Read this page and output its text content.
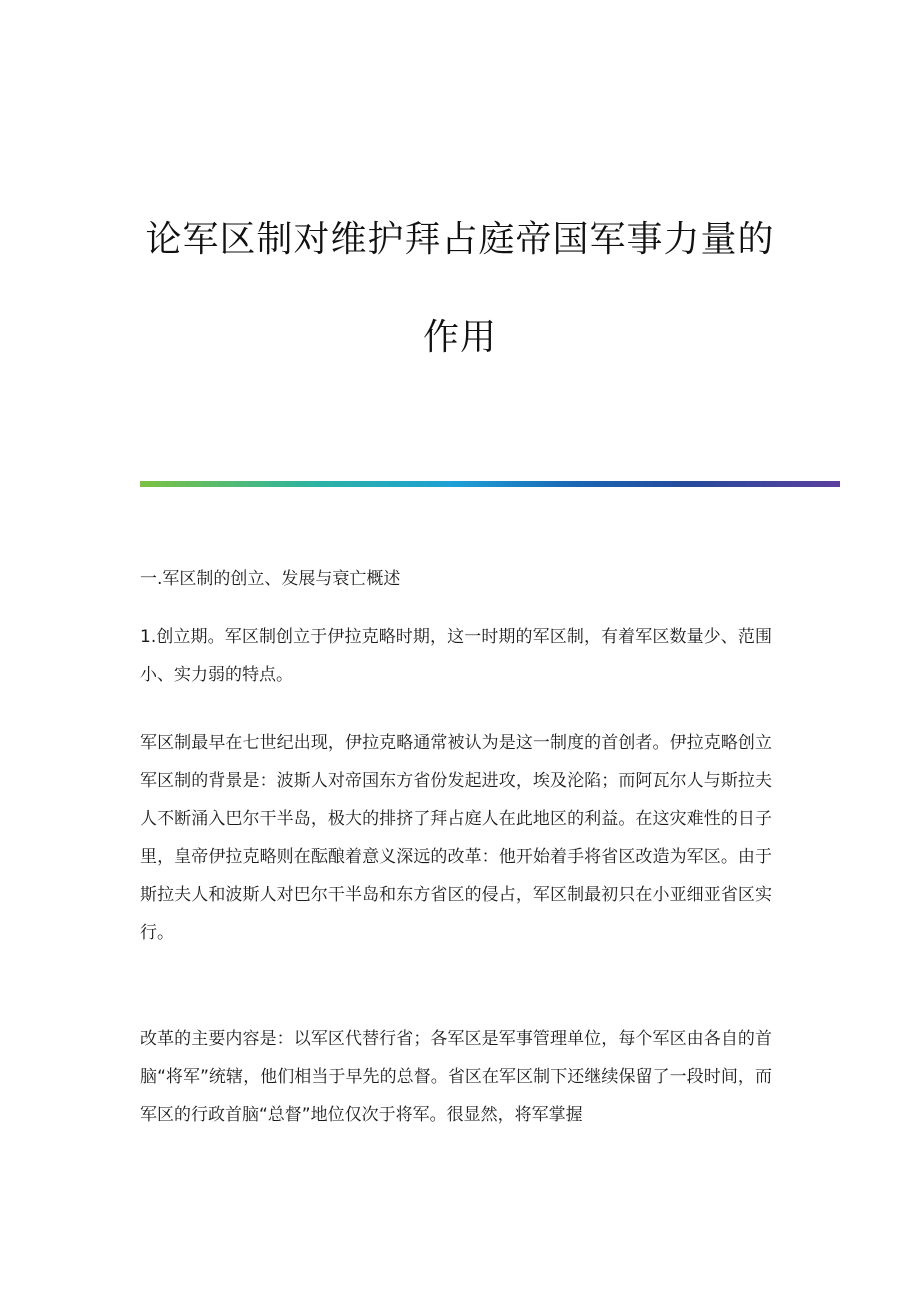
论军区制对维护拜占庭帝国军事力量的
作用
一.军区制的创立、发展与衰亡概述

1.创立期。军区制创立于伊拉克略时期，这一时期的军区制，有着军区数量少、范围小、实力弱的特点。

军区制最早在七世纪出现，伊拉克略通常被认为是这一制度的首创者。伊拉克略创立军区制的背景是：波斯人对帝国东方省份发起进攻，埃及沦陷；而阿瓦尔人与斯拉夫人不断涌入巴尔干半岛，极大的排挤了拜占庭人在此地区的利益。在这灾难性的日子里，皇帝伊拉克略则在酝酿着意义深远的改革：他开始着手将省区改造为军区。由于斯拉夫人和波斯人对巴尔干半岛和东方省区的侵占，军区制最初只在小亚细亚省区实行。

改革的主要内容是：以军区代替行省；各军区是军事管理单位，每个军区由各自的首脑“将军”统辖，他们相当于早先的总督。省区在军区制下还继续保留了一段时间，而军区的行政首脑“总督”地位仅次于将军。很显然，将军掌握
